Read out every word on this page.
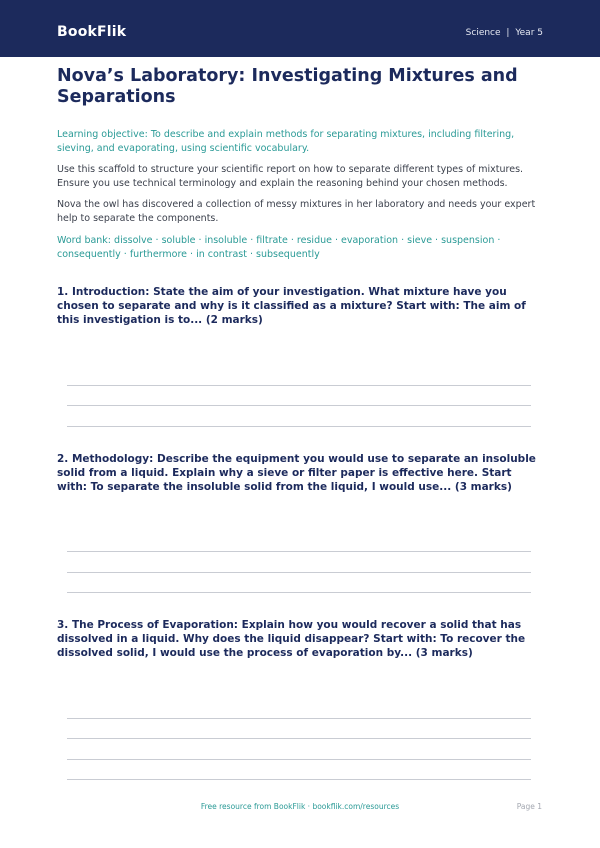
BookFlik	Science | Year 5
Nova’s Laboratory: Investigating Mixtures and Separations

Learning objective: To describe and explain methods for separating mixtures, including filtering, sieving, and evaporating, using scientific vocabulary.

Use this scaffold to structure your scientific report on how to separate different types of mixtures. Ensure you use technical terminology and explain the reasoning behind your chosen methods.

Nova the owl has discovered a collection of messy mixtures in her laboratory and needs your expert help to separate the components.

Word bank: dissolve · soluble · insoluble · filtrate · residue · evaporation · sieve · suspension · consequently · furthermore · in contrast · subsequently

1. Introduction: State the aim of your investigation. What mixture have you chosen to separate and why is it classified as a mixture? Start with: The aim of this investigation is to... (2 marks)
2. Methodology: Describe the equipment you would use to separate an insoluble solid from a liquid. Explain why a sieve or filter paper is effective here. Start with: To separate the insoluble solid from the liquid, I would use... (3 marks)
3. The Process of Evaporation: Explain how you would recover a solid that has dissolved in a liquid. Why does the liquid disappear? Start with: To recover the dissolved solid, I would use the process of evaporation by... (3 marks)
Free resource from BookFlik · bookflik.com/resources	Page 1
